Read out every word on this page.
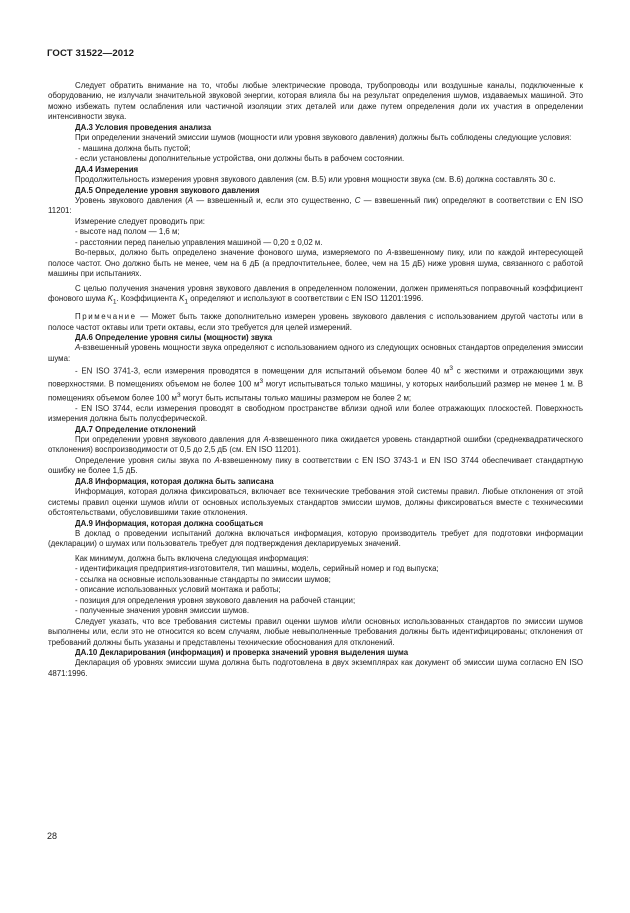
ГОСТ 31522—2012

Следует обратить внимание на то, чтобы любые электрические провода, трубопроводы или воздушные каналы, подключенные к оборудованию, не излучали значительной звуковой энергии, которая влияла бы на результат определения шумов, издаваемых машиной. Это можно избежать путем ослабления или частичной изоляции этих деталей или даже путем определения доли их участия в определении интенсивности звука.

ДА.3 Условия проведения анализа

При определении значений эмиссии шумов (мощности или уровня звукового давления) должны быть соблюдены следующие условия:

- машина должна быть пустой;

- если установлены дополнительные устройства, они должны быть в рабочем состоянии.

ДА.4 Измерения

Продолжительность измерения уровня звукового давления (см. В.5) или уровня мощности звука (см. В.6) должна составлять 30 с.

ДА.5 Определение уровня звукового давления

Уровень звукового давления (A — взвешенный и, если это существенно, C — взвешенный пик) определяют в соответствии с EN ISO 11201:

Измерение следует проводить при:

- высоте над полом — 1,6 м;

- расстоянии перед панелью управления машиной — 0,20 ± 0,02 м.

Во-первых, должно быть определено значение фонового шума, измеряемого по A-взвешенному пику, или по каждой интересующей полосе частот. Оно должно быть не менее, чем на 6 дБ (а предпочтительнее, более, чем на 15 дБ) ниже уровня шума, связанного с работой машины при испытаниях.

С целью получения значения уровня звукового давления в определенном положении, должен применяться поправочный коэффициент фонового шума $K_1$. Коэффициента $K_1$ определяют и используют в соответствии с EN ISO 11201:1996.

Примечание — Может быть также дополнительно измерен уровень звукового давления с использованием другой частоты или в полосе частот октавы или трети октавы, если это требуется для целей измерений.

ДА.6 Определение уровня силы (мощности) звука

A-взвешенный уровень мощности звука определяют с использованием одного из следующих основных стандартов определения эмиссии шума:

- EN ISO 3741-3, если измерения проводятся в помещении для испытаний объемом более 40 $м^3$ с жесткими и отражающими звук поверхностями. В помещениях объемом не более 100 $м^3$ могут испытываться только машины, у которых наибольший размер не менее 1 м. В помещениях объемом более 100 $м^3$ могут быть испытаны только машины размером не более 2 м;

- EN ISO 3744, если измерения проводят в свободном пространстве вблизи одной или более отражающих плоскостей. Поверхность измерения должна быть полусферической.

ДА.7 Определение отклонений

При определении уровня звукового давления для A-взвешенного пика ожидается уровень стандартной ошибки (среднеквадратического отклонения) воспроизводимости от 0,5 до 2,5 дБ (см. EN ISO 11201).

Определение уровня силы звука по A-взвешенному пику в соответствии с EN ISO 3743-1 и EN ISO 3744 обеспечивает стандартную ошибку не более 1,5 дБ.

ДА.8 Информация, которая должна быть записана

Информация, которая должна фиксироваться, включает все технические требования этой системы правил. Любые отклонения от этой системы правил оценки шумов и/или от основных используемых стандартов эмиссии шумов, должны фиксироваться вместе с техническими обстоятельствами, обусловившими такие отклонения.

ДА.9 Информация, которая должна сообщаться

В доклад о проведении испытаний должна включаться информация, которую производитель требует для подготовки информации (декларации) о шумах или пользователь требует для подтверждения декларируемых значений.

Как минимум, должна быть включена следующая информация:

- идентификация предприятия-изготовителя, тип машины, модель, серийный номер и год выпуска;

- ссылка на основные использованные стандарты по эмиссии шумов;

- описание использованных условий монтажа и работы;

- позиция для определения уровня звукового давления на рабочей станции;

- полученные значения уровня эмиссии шумов.

Следует указать, что все требования системы правил оценки шумов и/или основных использованных стандартов по эмиссии шумов выполнены или, если это не относится ко всем случаям, любые невыполненные требования должны быть идентифицированы; отклонения от требований должны быть указаны и представлены технические обоснования для отклонений.

ДА.10 Декларирования (информация) и проверка значений уровня выделения шума

Декларация об уровнях эмиссии шума должна быть подготовлена в двух экземплярах как документ об эмиссии шума согласно EN ISO 4871:1996.

28
